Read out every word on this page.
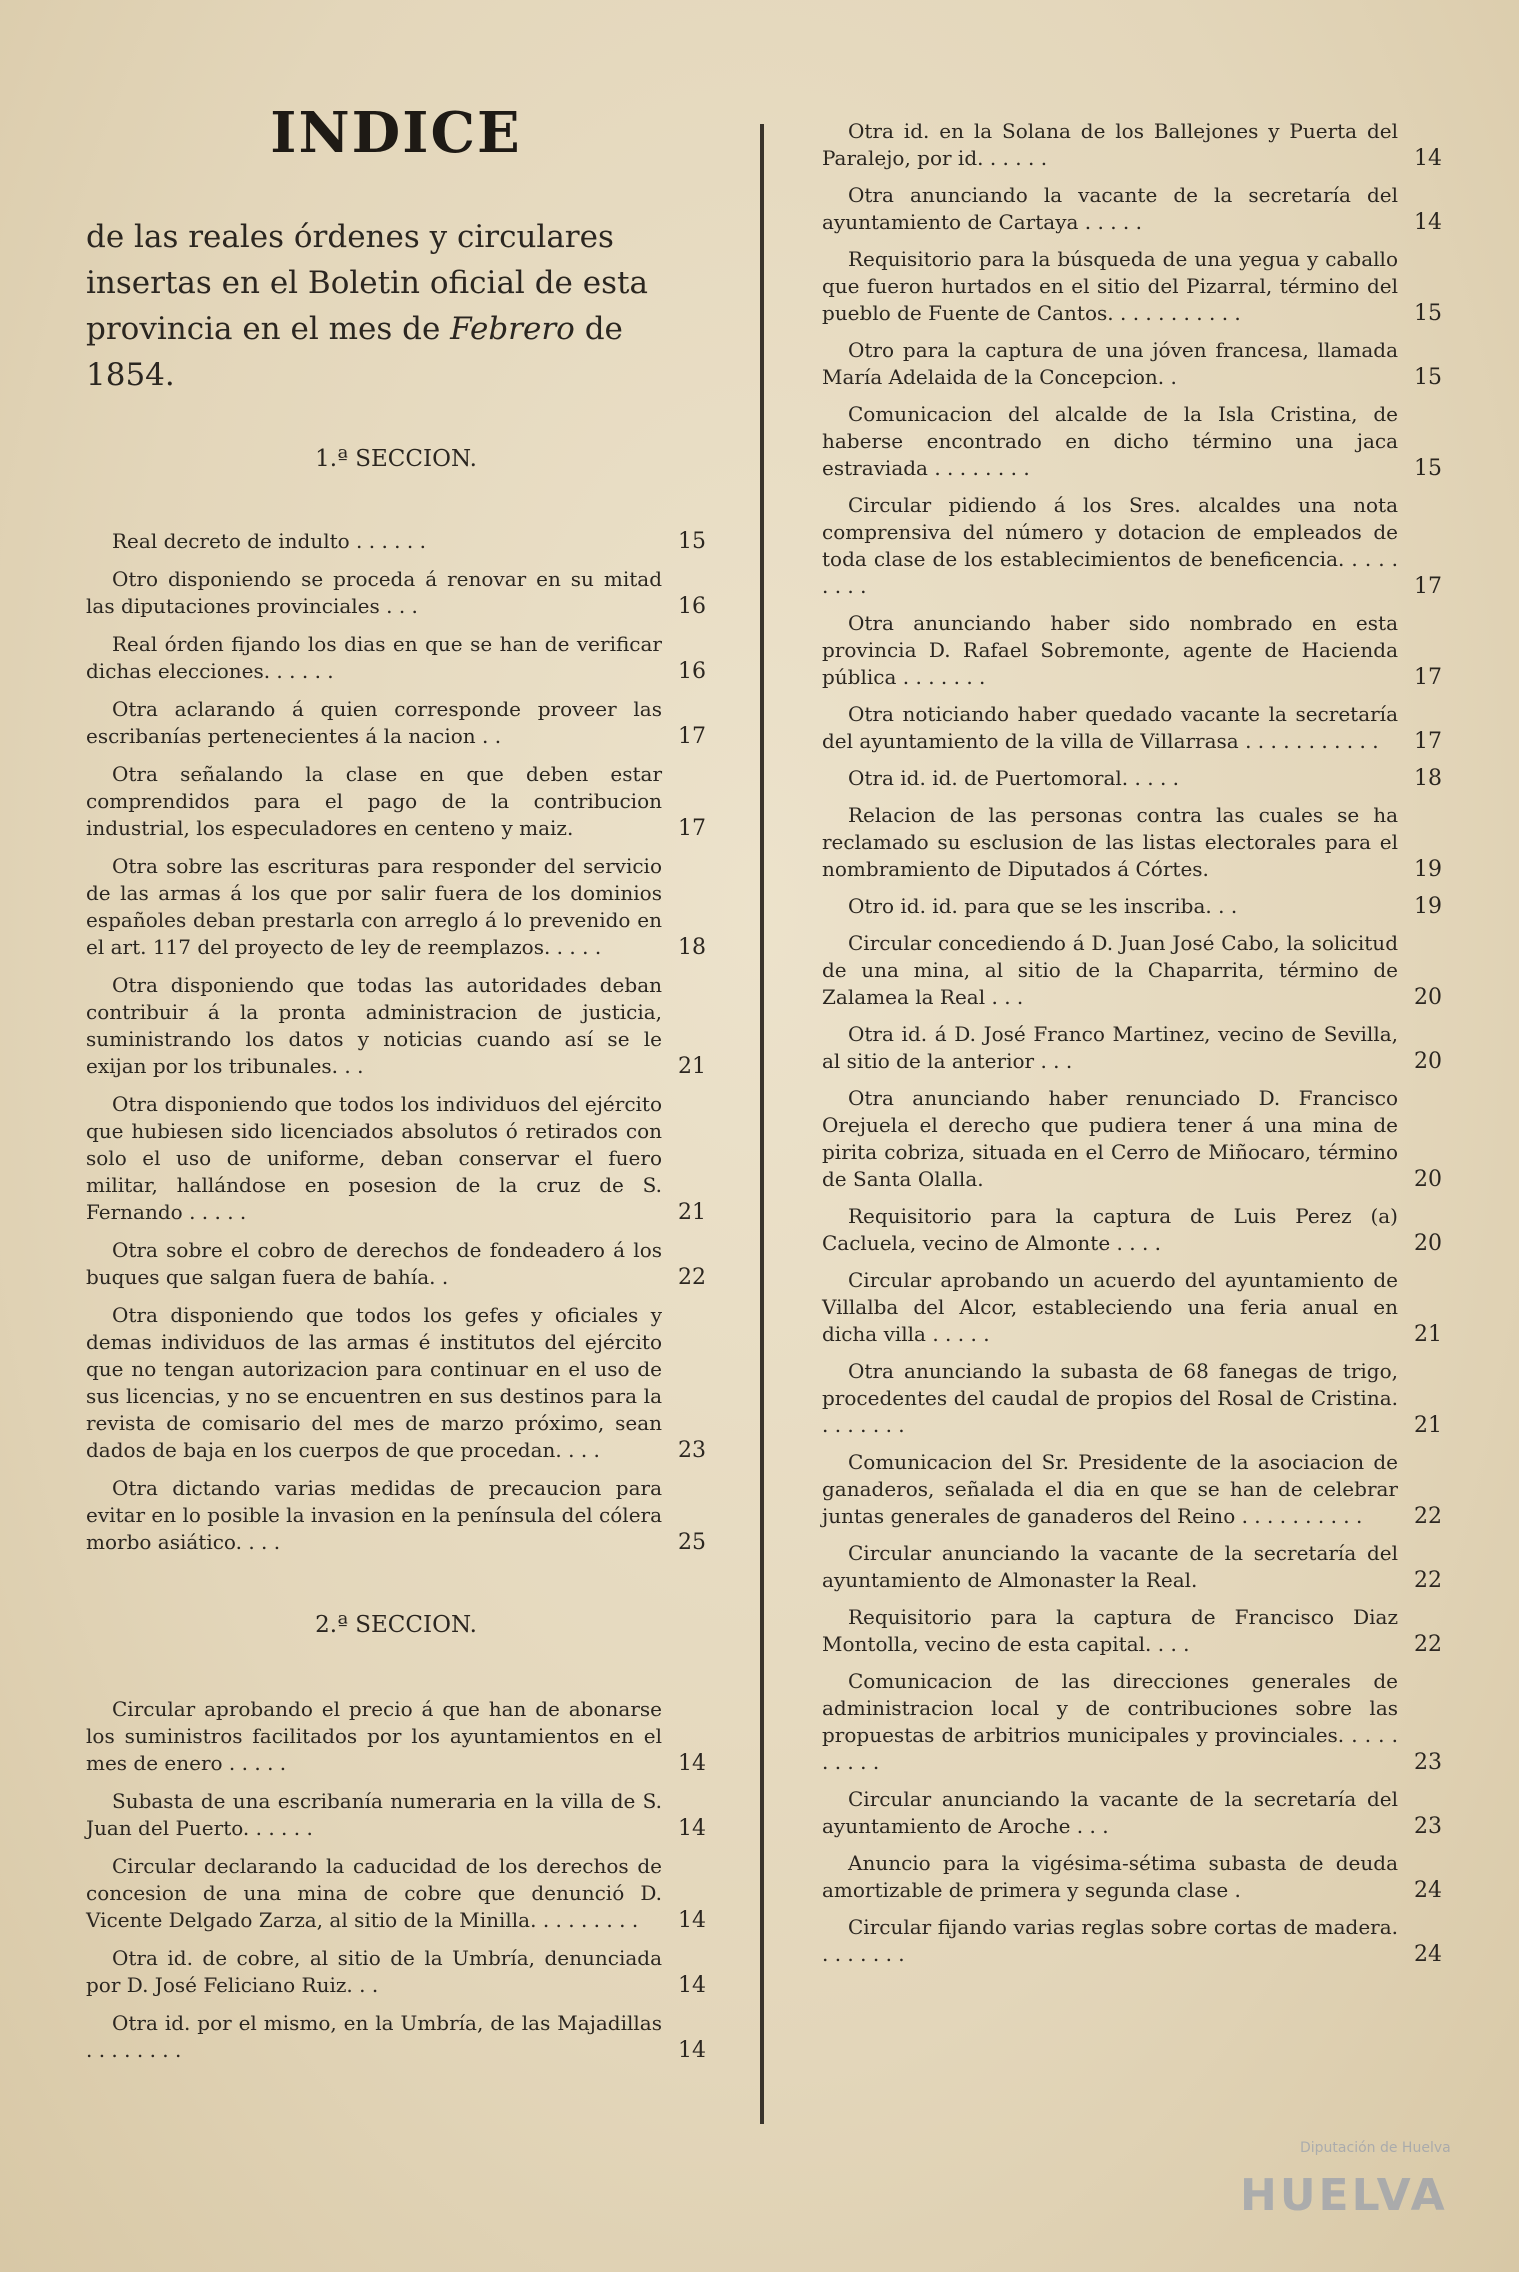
INDICE
de las reales órdenes y circulares insertas en el Boletin oficial de esta provincia en el mes de Febrero de 1854.
1.ª SECCION.
Real decreto de indulto . . . . . .	15
Otro disponiendo se proceda á renovar en su mitad las diputaciones provinciales . . .	16
Real órden fijando los dias en que se han de verificar dichas elecciones. . . . . .	16
Otra aclarando á quien corresponde proveer las escribanías pertenecientes á la nacion . .	17
Otra señalando la clase en que deben estar comprendidos para el pago de la contribucion industrial, los especuladores en centeno y maiz.	17
Otra sobre las escrituras para responder del servicio de las armas á los que por salir fuera de los dominios españoles deban prestarla con arreglo á lo prevenido en el art. 117 del proyecto de ley de reemplazos. . . . .	18
Otra disponiendo que todas las autoridades deban contribuir á la pronta administracion de justicia, suministrando los datos y noticias cuando así se le exijan por los tribunales. . .	21
Otra disponiendo que todos los individuos del ejército que hubiesen sido licenciados absolutos ó retirados con solo el uso de uniforme, deban conservar el fuero militar, hallándose en posesion de la cruz de S. Fernando . . . . .	21
Otra sobre el cobro de derechos de fondeadero á los buques que salgan fuera de bahía. .	22
Otra disponiendo que todos los gefes y oficiales y demas individuos de las armas é institutos del ejército que no tengan autorizacion para continuar en el uso de sus licencias, y no se encuentren en sus destinos para la revista de comisario del mes de marzo próximo, sean dados de baja en los cuerpos de que procedan. . . .	23
Otra dictando varias medidas de precaucion para evitar en lo posible la invasion en la península del cólera morbo asiático. . . .	25
2.ª SECCION.
Circular aprobando el precio á que han de abonarse los suministros facilitados por los ayuntamientos en el mes de enero . . . . .	14
Subasta de una escribanía numeraria en la villa de S. Juan del Puerto. . . . . .	14
Circular declarando la caducidad de los derechos de concesion de una mina de cobre que denunció D. Vicente Delgado Zarza, al sitio de la Minilla. . . . . . . . .	14
Otra id. de cobre, al sitio de la Umbría, denunciada por D. José Feliciano Ruiz. . .	14
Otra id. por el mismo, en la Umbría, de las Majadillas . . . . . . . .	14
Otra id. en la Solana de los Ballejones y Puerta del Paralejo, por id. . . . . .	14
Otra anunciando la vacante de la secretaría del ayuntamiento de Cartaya . . . . .	14
Requisitorio para la búsqueda de una yegua y caballo que fueron hurtados en el sitio del Pizarral, término del pueblo de Fuente de Cantos. . . . . . . . . . .	15
Otro para la captura de una jóven francesa, llamada María Adelaida de la Concepcion. .	15
Comunicacion del alcalde de la Isla Cristina, de haberse encontrado en dicho término una jaca estraviada . . . . . . . .	15
Circular pidiendo á los Sres. alcaldes una nota comprensiva del número y dotacion de empleados de toda clase de los establecimientos de beneficencia. . . . . . . . .	17
Otra anunciando haber sido nombrado en esta provincia D. Rafael Sobremonte, agente de Hacienda pública . . . . . . .	17
Otra noticiando haber quedado vacante la secretaría del ayuntamiento de la villa de Villarrasa . . . . . . . . . . .	17
Otra id. id. de Puertomoral. . . . .	18
Relacion de las personas contra las cuales se ha reclamado su esclusion de las listas electorales para el nombramiento de Diputados á Córtes.	19
Otro id. id. para que se les inscriba. . .	19
Circular concediendo á D. Juan José Cabo, la solicitud de una mina, al sitio de la Chaparrita, término de Zalamea la Real . . .	20
Otra id. á D. José Franco Martinez, vecino de Sevilla, al sitio de la anterior . . .	20
Otra anunciando haber renunciado D. Francisco Orejuela el derecho que pudiera tener á una mina de pirita cobriza, situada en el Cerro de Miñocaro, término de Santa Olalla.	20
Requisitorio para la captura de Luis Perez (a) Cacluela, vecino de Almonte . . . .	20
Circular aprobando un acuerdo del ayuntamiento de Villalba del Alcor, estableciendo una feria anual en dicha villa . . . . .	21
Otra anunciando la subasta de 68 fanegas de trigo, procedentes del caudal de propios del Rosal de Cristina. . . . . . . .	21
Comunicacion del Sr. Presidente de la asociacion de ganaderos, señalada el dia en que se han de celebrar juntas generales de ganaderos del Reino . . . . . . . . . .	22
Circular anunciando la vacante de la secretaría del ayuntamiento de Almonaster la Real.	22
Requisitorio para la captura de Francisco Diaz Montolla, vecino de esta capital. . . .	22
Comunicacion de las direcciones generales de administracion local y de contribuciones sobre las propuestas de arbitrios municipales y provinciales. . . . . . . . . .	23
Circular anunciando la vacante de la secretaría del ayuntamiento de Aroche . . .	23
Anuncio para la vigésima-sétima subasta de deuda amortizable de primera y segunda clase .	24
Circular fijando varias reglas sobre cortas de madera. . . . . . . .	24
Diputación de Huelva
HUELVA
